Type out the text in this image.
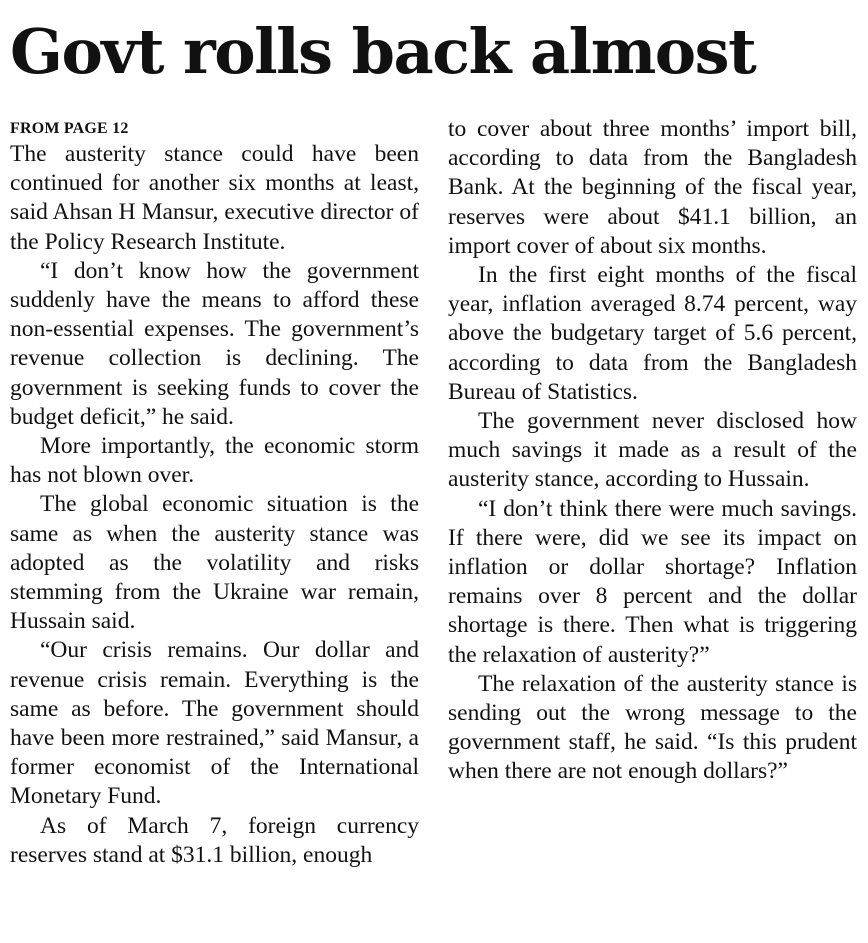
Govt rolls back almost
FROM PAGE 12

The austerity stance could have been continued for another six months at least, said Ahsan H Mansur, executive director of the Policy Research Institute.

“I don’t know how the government suddenly have the means to afford these non-essential expenses. The government’s revenue collection is declining. The government is seeking funds to cover the budget deficit,” he said.

More importantly, the economic storm has not blown over.

The global economic situation is the same as when the austerity stance was adopted as the volatility and risks stemming from the Ukraine war remain, Hussain said.

“Our crisis remains. Our dollar and revenue crisis remain. Everything is the same as before. The government should have been more restrained,” said Mansur, a former economist of the International Monetary Fund.

As of March 7, foreign currency reserves stand at $31.1 billion, enough

to cover about three months’ import bill, according to data from the Bangladesh Bank. At the beginning of the fiscal year, reserves were about $41.1 billion, an import cover of about six months.

In the first eight months of the fiscal year, inflation averaged 8.74 percent, way above the budgetary target of 5.6 percent, according to data from the Bangladesh Bureau of Statistics.

The government never disclosed how much savings it made as a result of the austerity stance, according to Hussain.

“I don’t think there were much savings. If there were, did we see its impact on inflation or dollar shortage? Inflation remains over 8 percent and the dollar shortage is there. Then what is triggering the relaxation of austerity?”

The relaxation of the austerity stance is sending out the wrong message to the government staff, he said. “Is this prudent when there are not enough dollars?”
